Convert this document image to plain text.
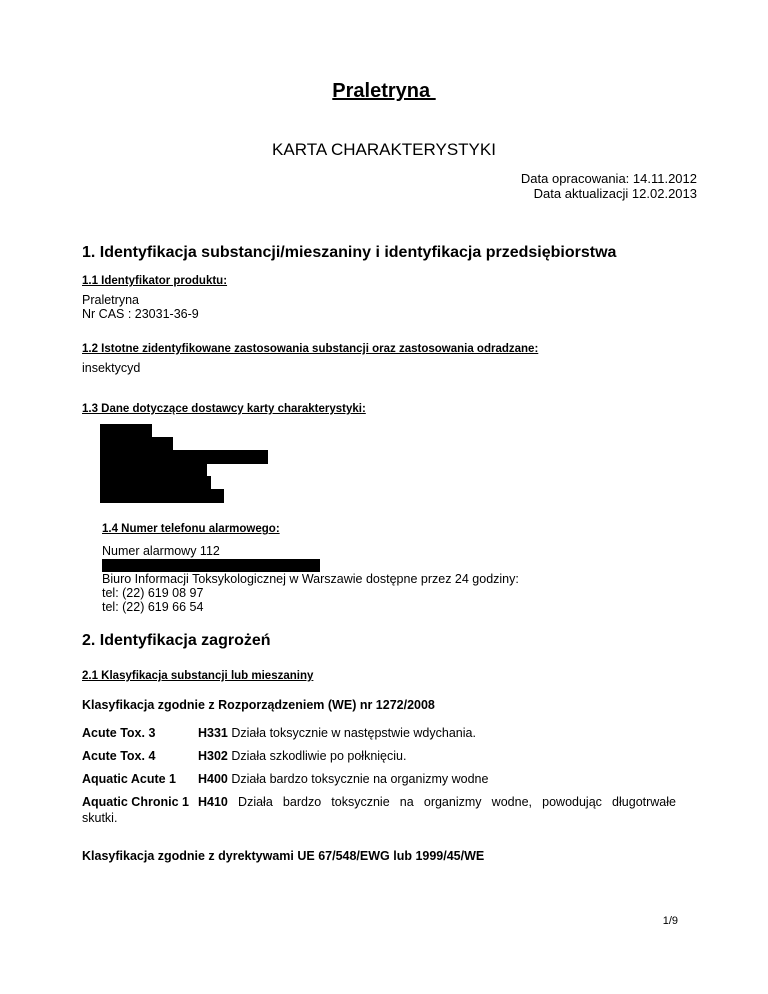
Praletryna
KARTA CHARAKTERYSTYKI
Data opracowania: 14.11.2012
Data aktualizacji 12.02.2013
1. Identyfikacja substancji/mieszaniny i identyfikacja przedsiębiorstwa
1.1 Identyfikator produktu:
Praletryna
Nr CAS : 23031-36-9
1.2 Istotne zidentyfikowane zastosowania substancji oraz zastosowania odradzane:
insektycyd
1.3 Dane dotyczące dostawcy karty charakterystyki:
1.4 Numer telefonu alarmowego:
Numer alarmowy 112
Biuro Informacji Toksykologicznej w Warszawie dostępne przez 24 godziny:
tel: (22) 619 08 97
tel: (22) 619 66 54
2. Identyfikacja zagrożeń
2.1 Klasyfikacja substancji lub mieszaniny
Klasyfikacja zgodnie z Rozporządzeniem (WE) nr 1272/2008
Acute Tox. 3	H331 Działa toksycznie w następstwie wdychania.
Acute Tox. 4	H302 Działa szkodliwie po połknięciu.
Aquatic Acute 1 H400 Działa bardzo toksycznie na organizmy wodne
Aquatic Chronic 1 H410 Działa bardzo toksycznie na organizmy wodne, powodując długotrwałe
skutki.
Klasyfikacja zgodnie z dyrektywami UE 67/548/EWG lub 1999/45/WE
1/9
